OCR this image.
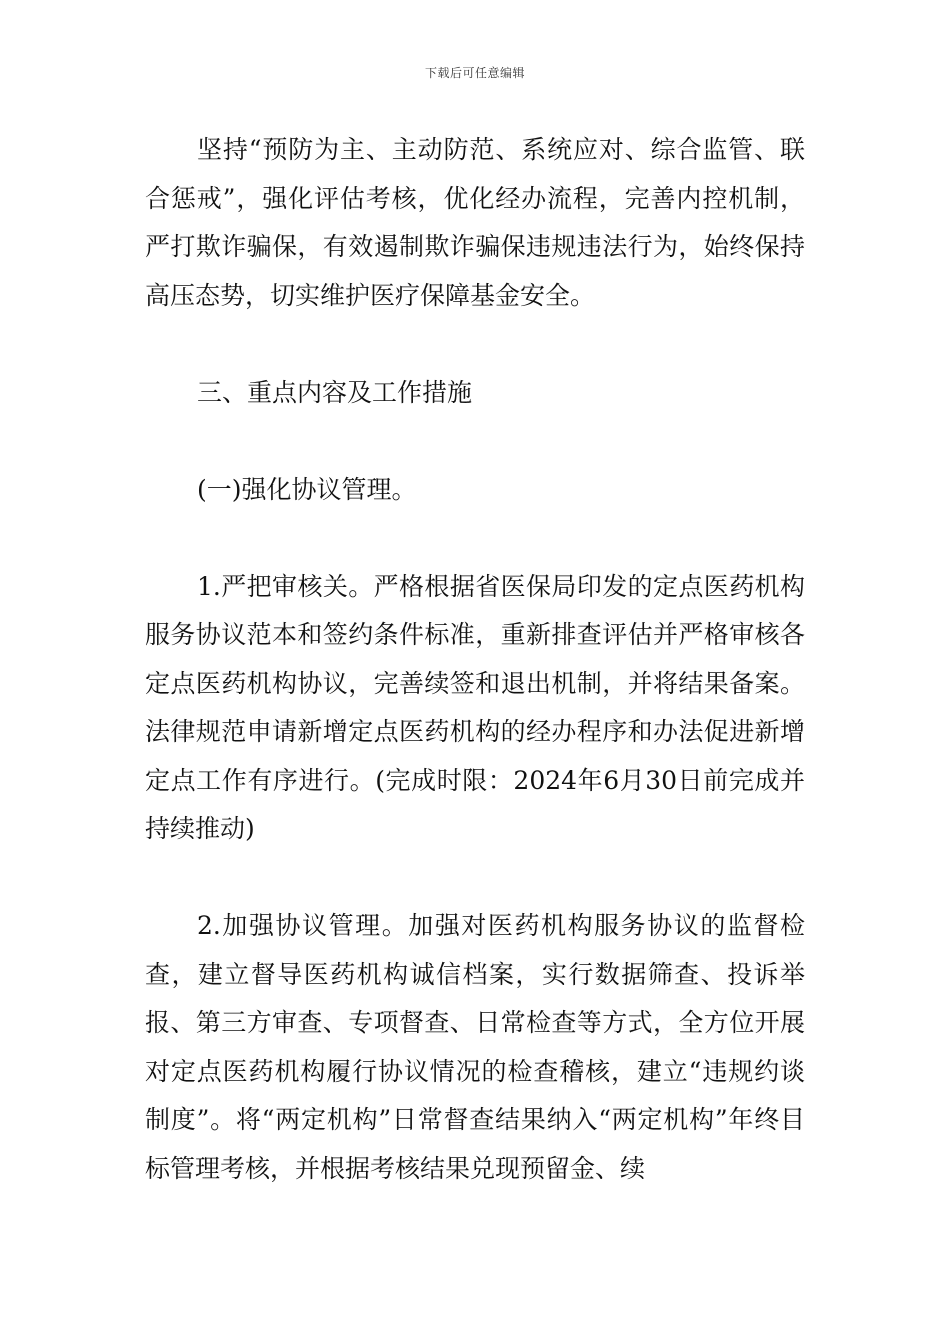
下载后可任意编辑

坚持“预防为主、主动防范、系统应对、综合监管、联合惩戒”，强化评估考核，优化经办流程，完善内控机制，严打欺诈骗保，有效遏制欺诈骗保违规违法行为，始终保持高压态势，切实维护医疗保障基金安全。

三、重点内容及工作措施

(一)强化协议管理。

1.严把审核关。严格根据省医保局印发的定点医药机构服务协议范本和签约条件标准，重新排查评估并严格审核各定点医药机构协议，完善续签和退出机制，并将结果备案。法律规范申请新增定点医药机构的经办程序和办法促进新增定点工作有序进行。(完成时限：2024年6月30日前完成并持续推动)

2.加强协议管理。加强对医药机构服务协议的监督检查，建立督导医药机构诚信档案，实行数据筛查、投诉举报、第三方审查、专项督查、日常检查等方式，全方位开展对定点医药机构履行协议情况的检查稽核，建立“违规约谈制度”。将“两定机构”日常督查结果纳入“两定机构”年终目标管理考核，并根据考核结果兑现预留金、续
